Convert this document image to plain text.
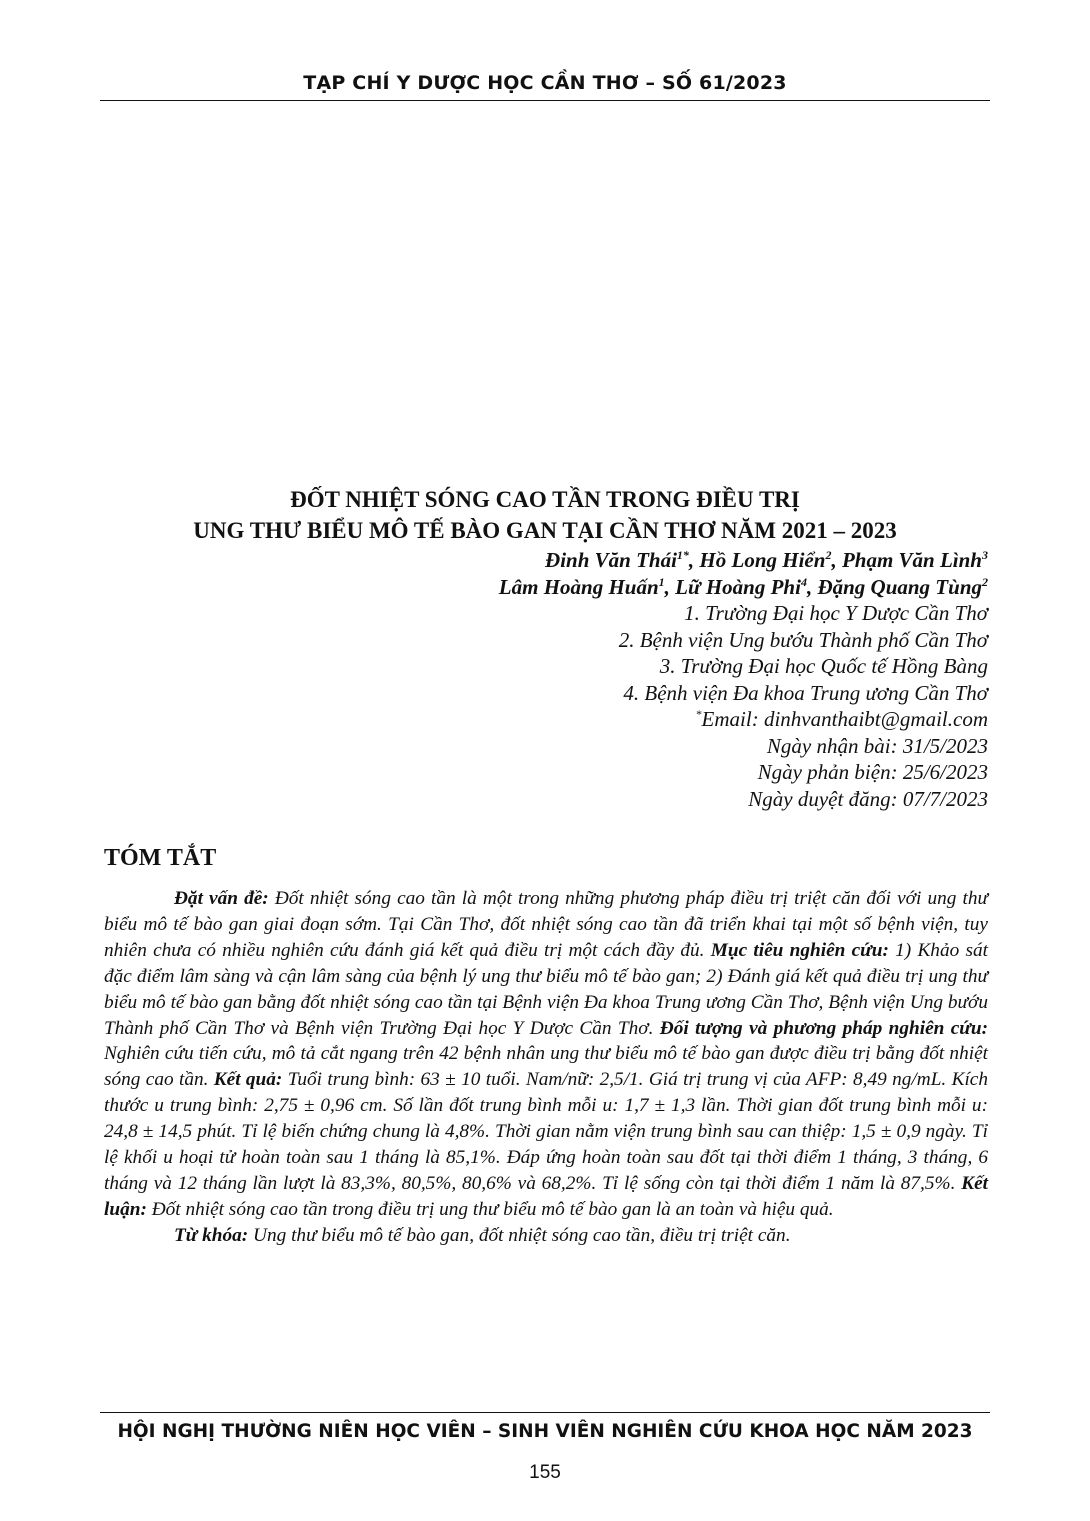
TẠP CHÍ Y DƯỢC HỌC CẦN THƠ – SỐ 61/2023
ĐỐT NHIỆT SÓNG CAO TẦN TRONG ĐIỀU TRỊ
UNG THƯ BIỂU MÔ TẾ BÀO GAN TẠI CẦN THƠ NĂM 2021 – 2023
Đinh Văn Thái$^{1*}$, Hồ Long Hiển$^2$, Phạm Văn Lình$^3$
Lâm Hoàng Huấn$^1$, Lữ Hoàng Phi$^4$, Đặng Quang Tùng$^2$
1. Trường Đại học Y Dược Cần Thơ
2. Bệnh viện Ung bướu Thành phố Cần Thơ
3. Trường Đại học Quốc tế Hồng Bàng
4. Bệnh viện Đa khoa Trung ương Cần Thơ
*Email: dinhvanthaibt@gmail.com
Ngày nhận bài: 31/5/2023
Ngày phản biện: 25/6/2023
Ngày duyệt đăng: 07/7/2023
TÓM TẮT

Đặt vấn đề: Đốt nhiệt sóng cao tần là một trong những phương pháp điều trị triệt căn đối với ung thư biểu mô tế bào gan giai đoạn sớm. Tại Cần Thơ, đốt nhiệt sóng cao tần đã triển khai tại một số bệnh viện, tuy nhiên chưa có nhiều nghiên cứu đánh giá kết quả điều trị một cách đầy đủ. Mục tiêu nghiên cứu: 1) Khảo sát đặc điểm lâm sàng và cận lâm sàng của bệnh lý ung thư biểu mô tế bào gan; 2) Đánh giá kết quả điều trị ung thư biểu mô tế bào gan bằng đốt nhiệt sóng cao tần tại Bệnh viện Đa khoa Trung ương Cần Thơ, Bệnh viện Ung bướu Thành phố Cần Thơ và Bệnh viện Trường Đại học Y Dược Cần Thơ. Đối tượng và phương pháp nghiên cứu: Nghiên cứu tiến cứu, mô tả cắt ngang trên 42 bệnh nhân ung thư biểu mô tế bào gan được điều trị bằng đốt nhiệt sóng cao tần. Kết quả: Tuổi trung bình: 63 ± 10 tuổi. Nam/nữ: 2,5/1. Giá trị trung vị của AFP: 8,49 ng/mL. Kích thước u trung bình: 2,75 ± 0,96 cm. Số lần đốt trung bình mỗi u: 1,7 ± 1,3 lần. Thời gian đốt trung bình mỗi u: 24,8 ± 14,5 phút. Tỉ lệ biến chứng chung là 4,8%. Thời gian nằm viện trung bình sau can thiệp: 1,5 ± 0,9 ngày. Tỉ lệ khối u hoại tử hoàn toàn sau 1 tháng là 85,1%. Đáp ứng hoàn toàn sau đốt tại thời điểm 1 tháng, 3 tháng, 6 tháng và 12 tháng lần lượt là 83,3%, 80,5%, 80,6% và 68,2%. Tỉ lệ sống còn tại thời điểm 1 năm là 87,5%. Kết luận: Đốt nhiệt sóng cao tần trong điều trị ung thư biểu mô tế bào gan là an toàn và hiệu quả.

Từ khóa: Ung thư biểu mô tế bào gan, đốt nhiệt sóng cao tần, điều trị triệt căn.

HỘI NGHỊ THƯỜNG NIÊN HỌC VIÊN – SINH VIÊN NGHIÊN CỨU KHOA HỌC NĂM 2023
155
